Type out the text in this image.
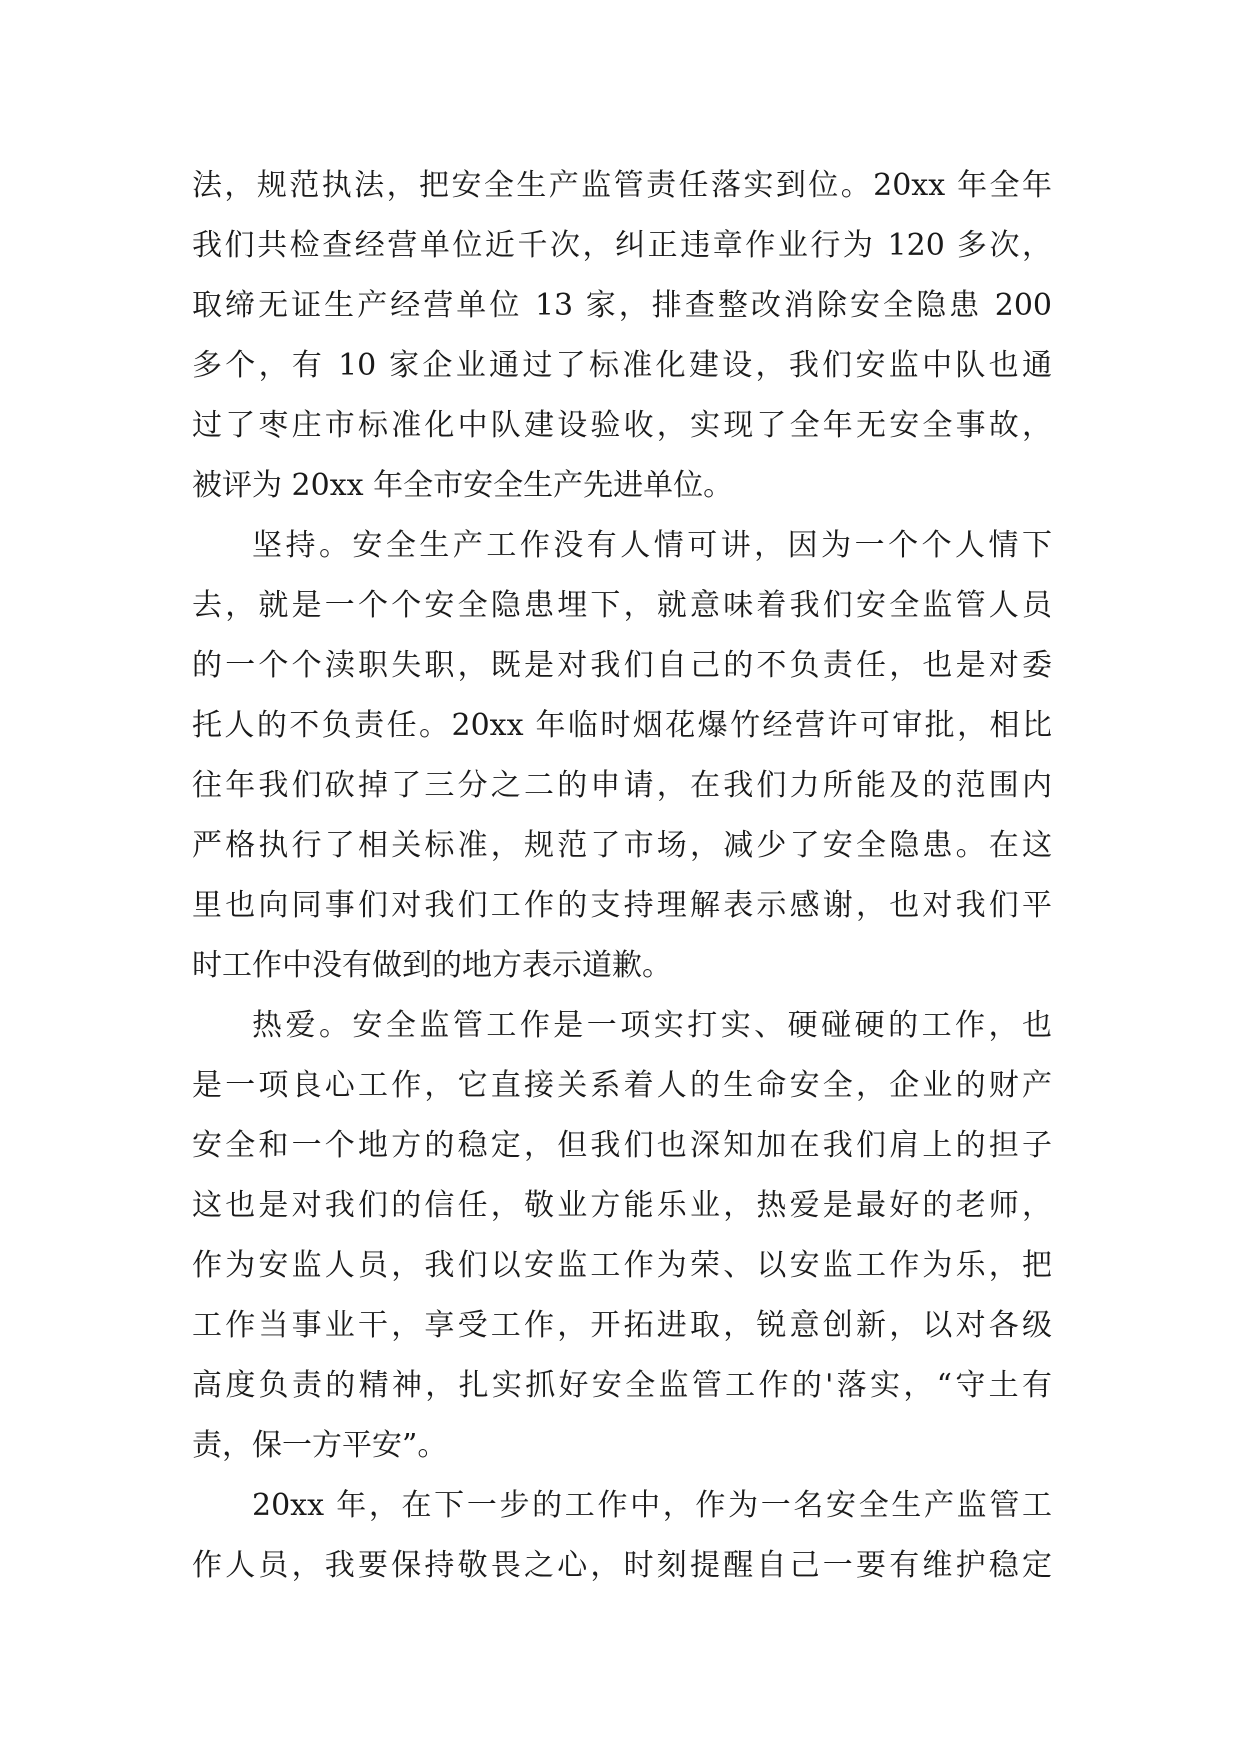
法，规范执法，把安全生产监管责任落实到位。20xx 年全年
我们共检查经营单位近千次，纠正违章作业行为 120 多次，
取缔无证生产经营单位 13 家，排查整改消除安全隐患 200
多个，有 10 家企业通过了标准化建设，我们安监中队也通
过了枣庄市标准化中队建设验收，实现了全年无安全事故，
被评为 20xx 年全市安全生产先进单位。
坚持。安全生产工作没有人情可讲，因为一个个人情下
去，就是一个个安全隐患埋下，就意味着我们安全监管人员
的一个个渎职失职，既是对我们自己的不负责任，也是对委
托人的不负责任。20xx 年临时烟花爆竹经营许可审批，相比
往年我们砍掉了三分之二的申请，在我们力所能及的范围内
严格执行了相关标准，规范了市场，减少了安全隐患。在这
里也向同事们对我们工作的支持理解表示感谢，也对我们平
时工作中没有做到的地方表示道歉。
热爱。安全监管工作是一项实打实、硬碰硬的工作，也
是一项良心工作，它直接关系着人的生命安全，企业的财产
安全和一个地方的稳定，但我们也深知加在我们肩上的担子
这也是对我们的信任，敬业方能乐业，热爱是最好的老师，
作为安监人员，我们以安监工作为荣、以安监工作为乐，把
工作当事业干，享受工作，开拓进取，锐意创新，以对各级
高度负责的精神，扎实抓好安全监管工作的'落实，“守土有
责，保一方平安”。
20xx 年，在下一步的工作中，作为一名安全生产监管工
作人员，我要保持敬畏之心，时刻提醒自己一要有维护稳定
